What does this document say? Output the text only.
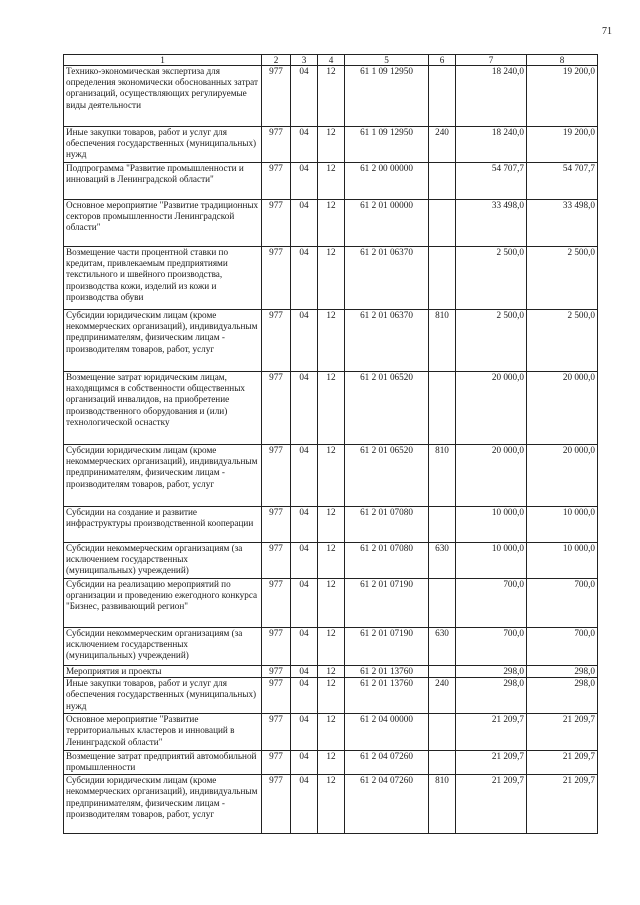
71
1	2	3	4	5	6	7	8
Технико-экономическая экспертиза для определения экономически обоснованных затрат организаций, осуществляющих регулируемые виды деятельности	977	04	12	61 1 09 12950		18 240,0	19 200,0
Иные закупки товаров, работ и услуг для обеспечения государственных (муниципальных) нужд	977	04	12	61 1 09 12950	240	18 240,0	19 200,0
Подпрограмма "Развитие промышленности и инноваций в Ленинградской области"	977	04	12	61 2 00 00000		54 707,7	54 707,7
Основное мероприятие "Развитие традиционных секторов промышленности Ленинградской области"	977	04	12	61 2 01 00000		33 498,0	33 498,0
Возмещение части процентной ставки по кредитам, привлекаемым предприятиями текстильного и швейного производства, производства кожи, изделий из кожи и производства обуви	977	04	12	61 2 01 06370		2 500,0	2 500,0
Субсидии юридическим лицам (кроме некоммерческих организаций), индивидуальным предпринимателям, физическим лицам - производителям товаров, работ, услуг	977	04	12	61 2 01 06370	810	2 500,0	2 500,0
Возмещение затрат юридическим лицам, находящимся в собственности общественных организаций инвалидов, на приобретение производственного оборудования и (или) технологической оснастку	977	04	12	61 2 01 06520		20 000,0	20 000,0
Субсидии юридическим лицам (кроме некоммерческих организаций), индивидуальным предпринимателям, физическим лицам - производителям товаров, работ, услуг	977	04	12	61 2 01 06520	810	20 000,0	20 000,0
Субсидии на создание и развитие инфраструктуры производственной кооперации	977	04	12	61 2 01 07080		10 000,0	10 000,0
Субсидии некоммерческим организациям (за исключением государственных (муниципальных) учреждений)	977	04	12	61 2 01 07080	630	10 000,0	10 000,0
Субсидии на реализацию мероприятий по организации и проведению ежегодного конкурса "Бизнес, развивающий регион"	977	04	12	61 2 01 07190		700,0	700,0
Субсидии некоммерческим организациям (за исключением государственных (муниципальных) учреждений)	977	04	12	61 2 01 07190	630	700,0	700,0
Мероприятия и проекты	977	04	12	61 2 01 13760		298,0	298,0
Иные закупки товаров, работ и услуг для обеспечения государственных (муниципальных) нужд	977	04	12	61 2 01 13760	240	298,0	298,0
Основное мероприятие "Развитие территориальных кластеров и инноваций в Ленинградской области"	977	04	12	61 2 04 00000		21 209,7	21 209,7
Возмещение затрат предприятий автомобильной промышленности	977	04	12	61 2 04 07260		21 209,7	21 209,7
Субсидии юридическим лицам (кроме некоммерческих организаций), индивидуальным предпринимателям, физическим лицам - производителям товаров, работ, услуг	977	04	12	61 2 04 07260	810	21 209,7	21 209,7
